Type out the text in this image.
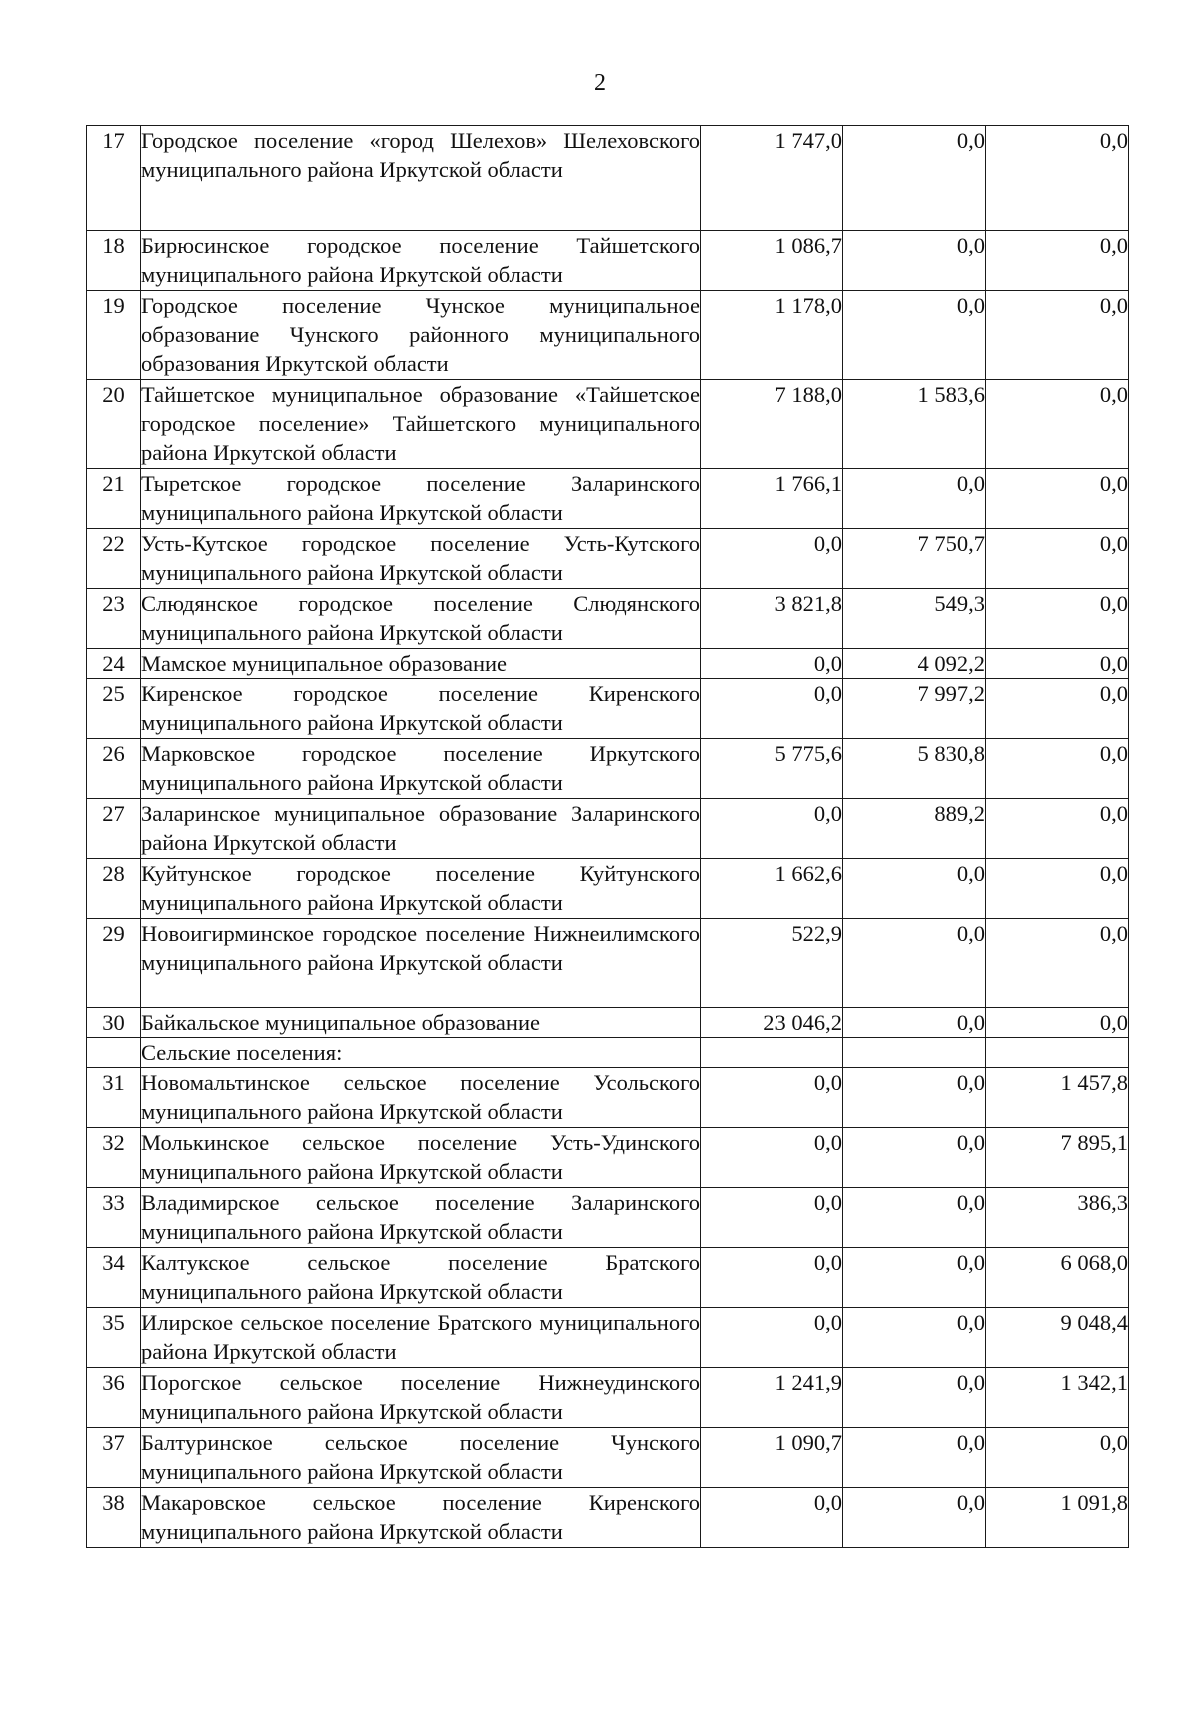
2
17	Городское поселение «город Шелехов» Шелеховского муниципального района Иркутской области	1 747,0	0,0	0,0
18	Бирюсинское городское поселение Тайшетского муниципального района Иркутской области	1 086,7	0,0	0,0
19	Городское поселение Чунское муниципальное образование Чунского районного муниципального образования Иркутской области	1 178,0	0,0	0,0
20	Тайшетское муниципальное образование «Тайшетское городское поселение» Тайшетского муниципального района Иркутской области	7 188,0	1 583,6	0,0
21	Тыретское городское поселение Заларинского муниципального района Иркутской области	1 766,1	0,0	0,0
22	Усть-Кутское городское поселение Усть-Кутского муниципального района Иркутской области	0,0	7 750,7	0,0
23	Слюдянское городское поселение Слюдянского муниципального района Иркутской области	3 821,8	549,3	0,0
24	Мамское муниципальное образование	0,0	4 092,2	0,0
25	Киренское городское поселение Киренского муниципального района Иркутской области	0,0	7 997,2	0,0
26	Марковское городское поселение Иркутского муниципального района Иркутской области	5 775,6	5 830,8	0,0
27	Заларинское муниципальное образование Заларинского района Иркутской области	0,0	889,2	0,0
28	Куйтунское городское поселение Куйтунского муниципального района Иркутской области	1 662,6	0,0	0,0
29	Новоигирминское городское поселение Нижнеилимского муниципального района Иркутской области	522,9	0,0	0,0
30	Байкальское муниципальное образование	23 046,2	0,0	0,0
	Сельские поселения:			
31	Новомальтинское сельское поселение Усольского муниципального района Иркутской области	0,0	0,0	1 457,8
32	Молькинское сельское поселение Усть-Удинского муниципального района Иркутской области	0,0	0,0	7 895,1
33	Владимирское сельское поселение Заларинского муниципального района Иркутской области	0,0	0,0	386,3
34	Калтукское сельское поселение Братского муниципального района Иркутской области	0,0	0,0	6 068,0
35	Илирское сельское поселение Братского муниципального района Иркутской области	0,0	0,0	9 048,4
36	Порогское сельское поселение Нижнеудинского муниципального района Иркутской области	1 241,9	0,0	1 342,1
37	Балтуринское сельское поселение Чунского муниципального района Иркутской области	1 090,7	0,0	0,0
38	Макаровское сельское поселение Киренского муниципального района Иркутской области	0,0	0,0	1 091,8
